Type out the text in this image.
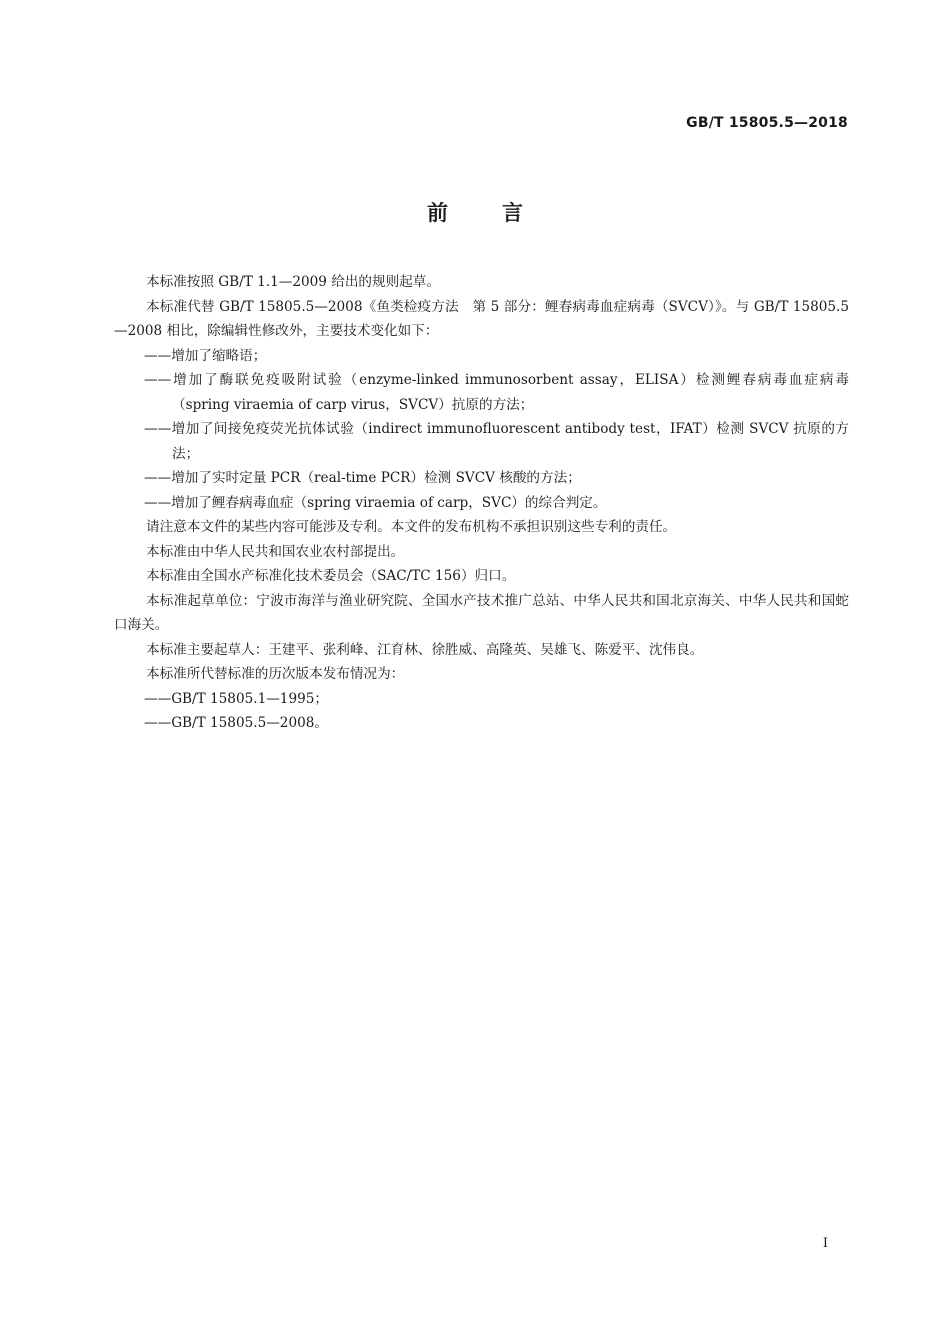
GB/T 15805.5—2018
前言

本标准按照 GB/T 1.1—2009 给出的规则起草。

本标准代替 GB/T 15805.5—2008《鱼类检疫方法　第 5 部分：鲤春病毒血症病毒（SVCV）》。与 GB/T 15805.5—2008 相比，除编辑性修改外，主要技术变化如下：

——增加了缩略语；

——增加了酶联免疫吸附试验（enzyme-linked immunosorbent assay，ELISA）检测鲤春病毒血症病毒（spring viraemia of carp virus，SVCV）抗原的方法；

——增加了间接免疫荧光抗体试验（indirect immunofluorescent antibody test，IFAT）检测 SVCV 抗原的方法；

——增加了实时定量 PCR（real-time PCR）检测 SVCV 核酸的方法；

——增加了鲤春病毒血症（spring viraemia of carp，SVC）的综合判定。

请注意本文件的某些内容可能涉及专利。本文件的发布机构不承担识别这些专利的责任。

本标准由中华人民共和国农业农村部提出。

本标准由全国水产标准化技术委员会（SAC/TC 156）归口。

本标准起草单位：宁波市海洋与渔业研究院、全国水产技术推广总站、中华人民共和国北京海关、中华人民共和国蛇口海关。

本标准主要起草人：王建平、张利峰、江育林、徐胜威、高隆英、吴雄飞、陈爱平、沈伟良。

本标准所代替标准的历次版本发布情况为：

——GB/T 15805.1—1995；

——GB/T 15805.5—2008。

I
